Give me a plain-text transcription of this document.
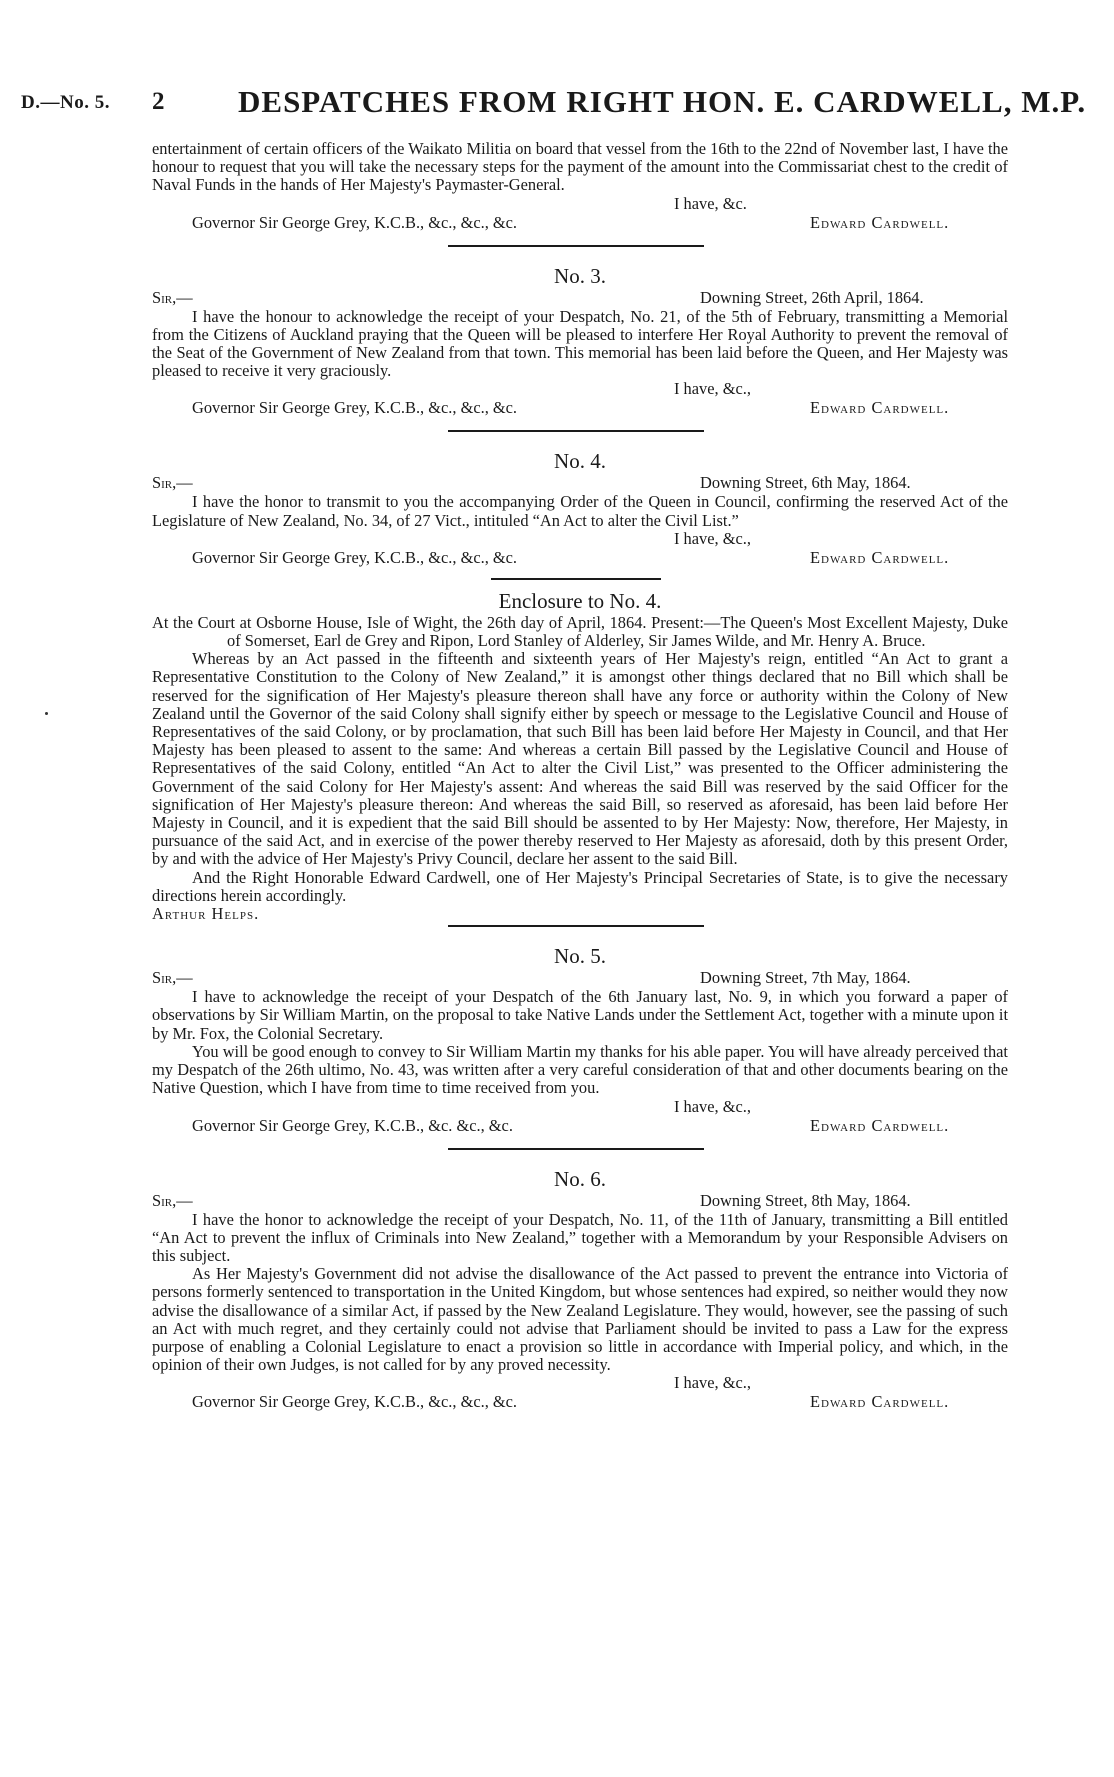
D.—No. 5. 2 DESPATCHES FROM RIGHT HON. E. CARDWELL, M.P.

entertainment of certain officers of the Waikato Militia on board that vessel from the 16th to the 22nd of November last, I have the honour to request that you will take the necessary steps for the payment of the amount into the Commissariat chest to the credit of Naval Funds in the hands of Her Majesty's Paymaster-General.

I have, &c.
Governor Sir George Grey, K.C.B., &c., &c., &c.	Edward Cardwell.
No. 3.
Sir,—	Downing Street, 26th April, 1864.

I have the honour to acknowledge the receipt of your Despatch, No. 21, of the 5th of February, transmitting a Memorial from the Citizens of Auckland praying that the Queen will be pleased to interfere Her Royal Authority to prevent the removal of the Seat of the Government of New Zealand from that town. This memorial has been laid before the Queen, and Her Majesty was pleased to receive it very graciously.

I have, &c.,
Governor Sir George Grey, K.C.B., &c., &c., &c.	Edward Cardwell.
No. 4.
Sir,—	Downing Street, 6th May, 1864.

I have the honor to transmit to you the accompanying Order of the Queen in Council, confirming the reserved Act of the Legislature of New Zealand, No. 34, of 27 Vict., intituled “An Act to alter the Civil List.”

I have, &c.,
Governor Sir George Grey, K.C.B., &c., &c., &c.	Edward Cardwell.
Enclosure to No. 4.

At the Court at Osborne House, Isle of Wight, the 26th day of April, 1864. Present:—The Queen's Most Excellent Majesty, Duke of Somerset, Earl de Grey and Ripon, Lord Stanley of Alderley, Sir James Wilde, and Mr. Henry A. Bruce.

Whereas by an Act passed in the fifteenth and sixteenth years of Her Majesty's reign, entitled “An Act to grant a Representative Constitution to the Colony of New Zealand,” it is amongst other things declared that no Bill which shall be reserved for the signification of Her Majesty's pleasure thereon shall have any force or authority within the Colony of New Zealand until the Governor of the said Colony shall signify either by speech or message to the Legislative Council and House of Representatives of the said Colony, or by proclamation, that such Bill has been laid before Her Majesty in Council, and that Her Majesty has been pleased to assent to the same: And whereas a certain Bill passed by the Legislative Council and House of Representatives of the said Colony, entitled “An Act to alter the Civil List,” was presented to the Officer administering the Government of the said Colony for Her Majesty's assent: And whereas the said Bill was reserved by the said Officer for the signification of Her Majesty's pleasure thereon: And whereas the said Bill, so reserved as aforesaid, has been laid before Her Majesty in Council, and it is expedient that the said Bill should be assented to by Her Majesty: Now, therefore, Her Majesty, in pursuance of the said Act, and in exercise of the power thereby reserved to Her Majesty as aforesaid, doth by this present Order, by and with the advice of Her Majesty's Privy Council, declare her assent to the said Bill.

And the Right Honorable Edward Cardwell, one of Her Majesty's Principal Secretaries of State, is to give the necessary directions herein accordingly.

Arthur Helps.

No. 5.
Sir,—	Downing Street, 7th May, 1864.

I have to acknowledge the receipt of your Despatch of the 6th January last, No. 9, in which you forward a paper of observations by Sir William Martin, on the proposal to take Native Lands under the Settlement Act, together with a minute upon it by Mr. Fox, the Colonial Secretary.

You will be good enough to convey to Sir William Martin my thanks for his able paper. You will have already perceived that my Despatch of the 26th ultimo, No. 43, was written after a very careful consideration of that and other documents bearing on the Native Question, which I have from time to time received from you.

I have, &c.,
Governor Sir George Grey, K.C.B., &c. &c., &c.	Edward Cardwell.
No. 6.
Sir,—	Downing Street, 8th May, 1864.

I have the honor to acknowledge the receipt of your Despatch, No. 11, of the 11th of January, transmitting a Bill entitled “An Act to prevent the influx of Criminals into New Zealand,” together with a Memorandum by your Responsible Advisers on this subject.

As Her Majesty's Government did not advise the disallowance of the Act passed to prevent the entrance into Victoria of persons formerly sentenced to transportation in the United Kingdom, but whose sentences had expired, so neither would they now advise the disallowance of a similar Act, if passed by the New Zealand Legislature. They would, however, see the passing of such an Act with much regret, and they certainly could not advise that Parliament should be invited to pass a Law for the express purpose of enabling a Colonial Legislature to enact a provision so little in accordance with Imperial policy, and which, in the opinion of their own Judges, is not called for by any proved necessity.

I have, &c.,
Governor Sir George Grey, K.C.B., &c., &c., &c.	Edward Cardwell.
